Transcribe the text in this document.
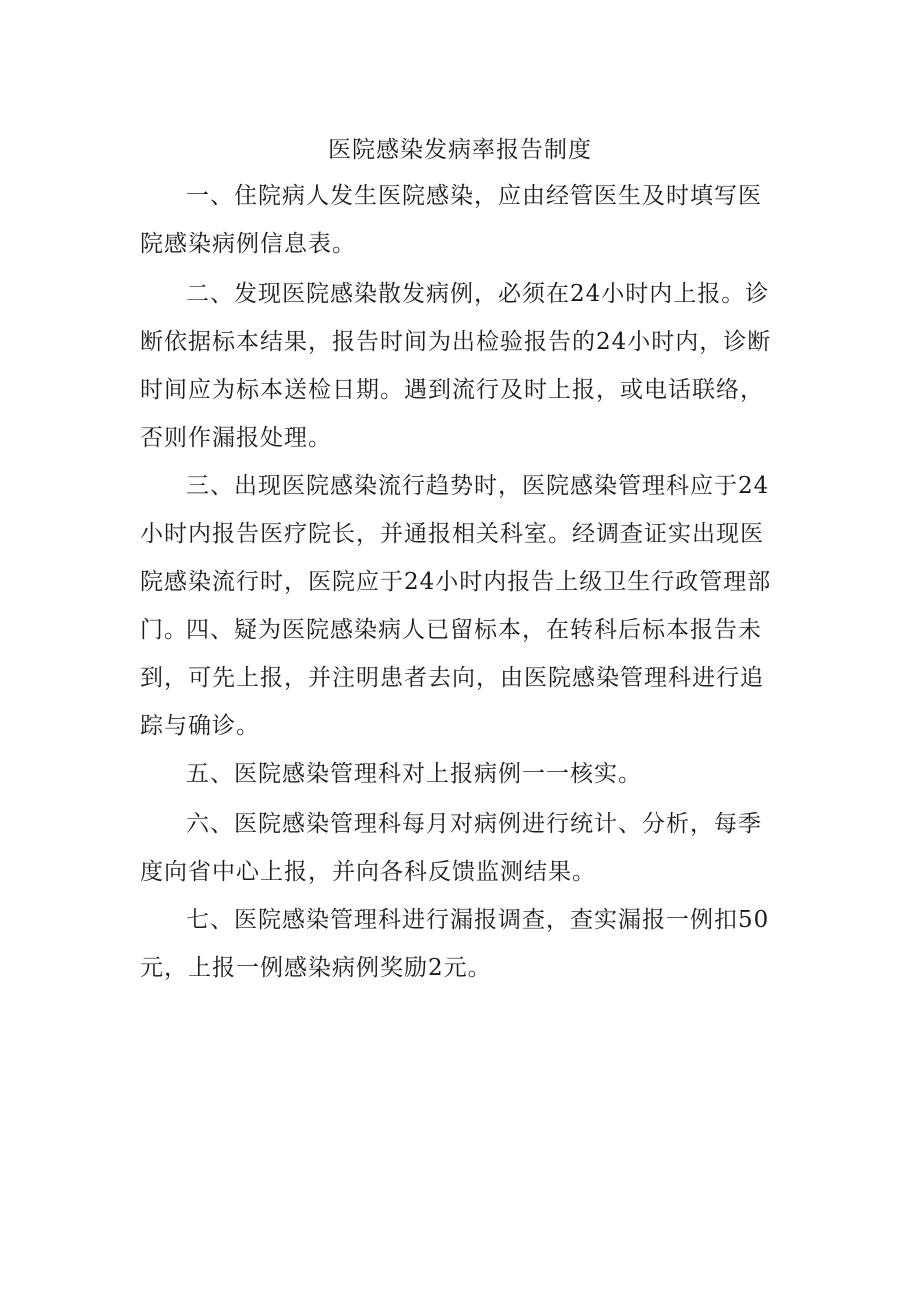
医院感染发病率报告制度

一、住院病人发生医院感染，应由经管医生及时填写医院感染病例信息表。

二、发现医院感染散发病例，必须在24小时内上报。诊断依据标本结果，报告时间为出检验报告的24小时内，诊断时间应为标本送检日期。遇到流行及时上报，或电话联络，否则作漏报处理。

三、出现医院感染流行趋势时，医院感染管理科应于24小时内报告医疗院长，并通报相关科室。经调查证实出现医院感染流行时，医院应于24小时内报告上级卫生行政管理部门。

四、疑为医院感染病人已留标本，在转科后标本报告未到，可先上报，并注明患者去向，由医院感染管理科进行追踪与确诊。

五、医院感染管理科对上报病例一一核实。

六、医院感染管理科每月对病例进行统计、分析，每季度向省中心上报，并向各科反馈监测结果。

七、医院感染管理科进行漏报调查，查实漏报一例扣50元，上报一例感染病例奖励2元。
